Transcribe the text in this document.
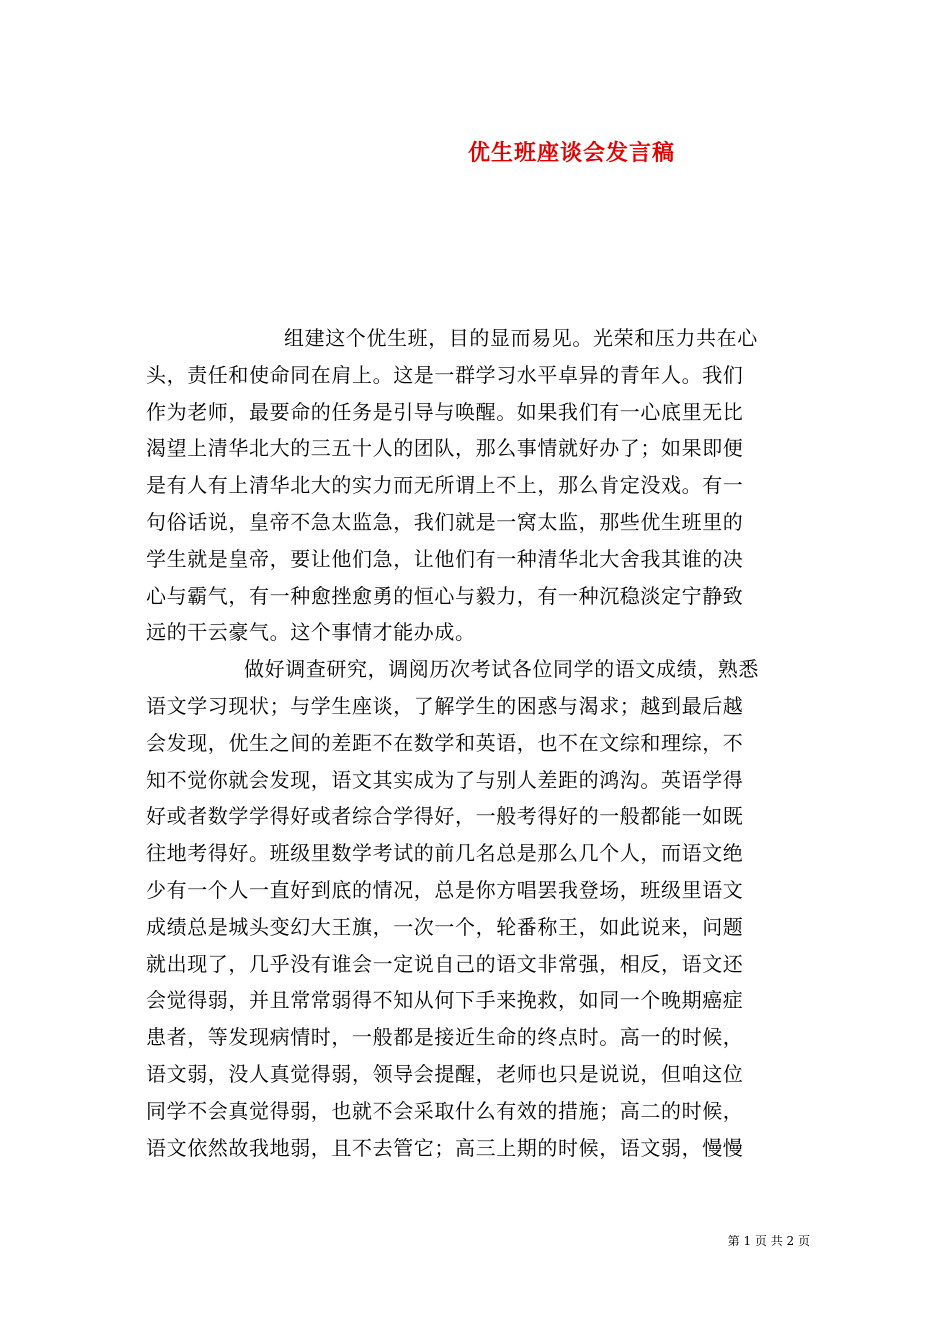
优生班座谈会发言稿
组建这个优生班，目的显而易见。光荣和压力共在心
头，责任和使命同在肩上。这是一群学习水平卓异的青年人。我们
作为老师，最要命的任务是引导与唤醒。如果我们有一心底里无比
渴望上清华北大的三五十人的团队，那么事情就好办了；如果即便
是有人有上清华北大的实力而无所谓上不上，那么肯定没戏。有一
句俗话说，皇帝不急太监急，我们就是一窝太监，那些优生班里的
学生就是皇帝，要让他们急，让他们有一种清华北大舍我其谁的决
心与霸气，有一种愈挫愈勇的恒心与毅力，有一种沉稳淡定宁静致
远的干云豪气。这个事情才能办成。
做好调查研究，调阅历次考试各位同学的语文成绩，熟悉
语文学习现状；与学生座谈，了解学生的困惑与渴求；越到最后越
会发现，优生之间的差距不在数学和英语，也不在文综和理综，不
知不觉你就会发现，语文其实成为了与别人差距的鸿沟。英语学得
好或者数学学得好或者综合学得好，一般考得好的一般都能一如既
往地考得好。班级里数学考试的前几名总是那么几个人，而语文绝
少有一个人一直好到底的情况，总是你方唱罢我登场，班级里语文
成绩总是城头变幻大王旗，一次一个，轮番称王，如此说来，问题
就出现了，几乎没有谁会一定说自己的语文非常强，相反，语文还
会觉得弱，并且常常弱得不知从何下手来挽救，如同一个晚期癌症
患者，等发现病情时，一般都是接近生命的终点时。高一的时候，
语文弱，没人真觉得弱，领导会提醒，老师也只是说说，但咱这位
同学不会真觉得弱，也就不会采取什么有效的措施；高二的时候，
语文依然故我地弱，且不去管它；高三上期的时候，语文弱，慢慢
第 1 页 共 2 页
